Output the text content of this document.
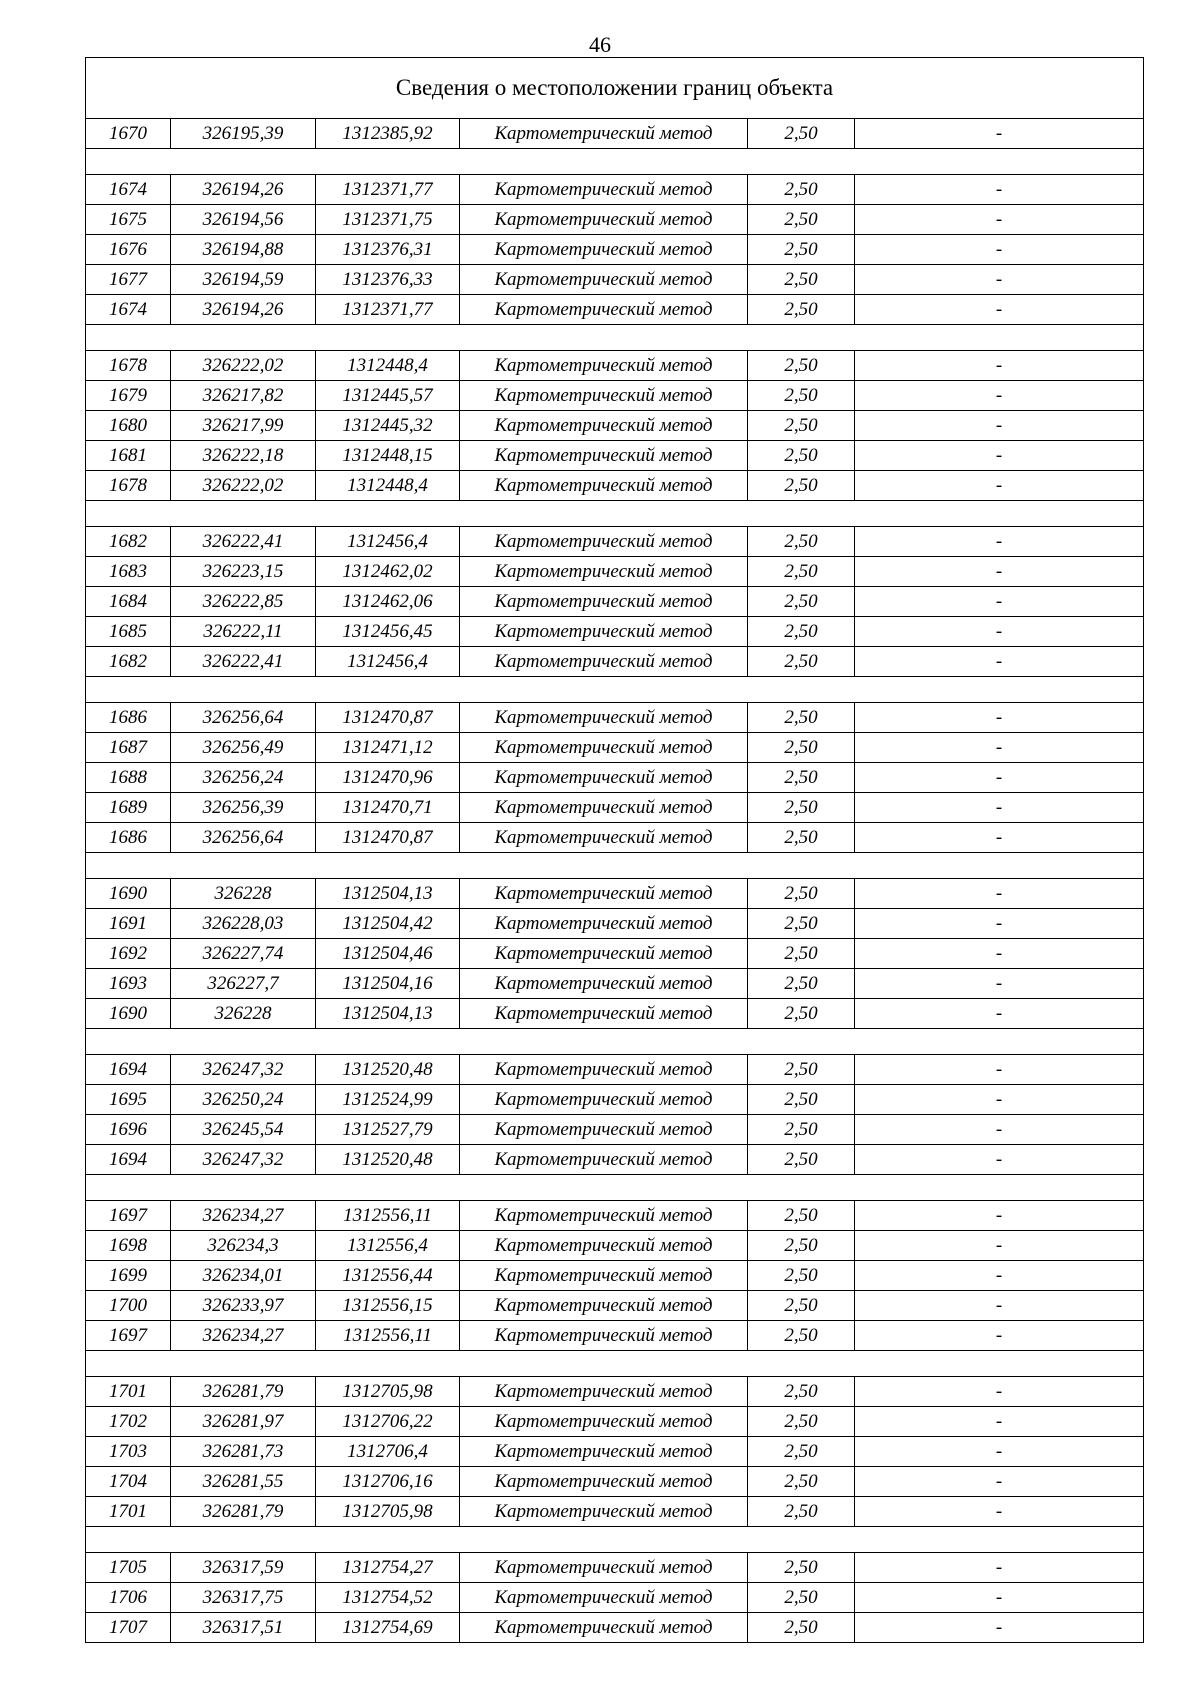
46
Сведения о местоположении границ объекта
1670	326195,39	1312385,92	Картометрический метод	2,50	-
1674	326194,26	1312371,77	Картометрический метод	2,50	-
1675	326194,56	1312371,75	Картометрический метод	2,50	-
1676	326194,88	1312376,31	Картометрический метод	2,50	-
1677	326194,59	1312376,33	Картометрический метод	2,50	-
1674	326194,26	1312371,77	Картометрический метод	2,50	-
1678	326222,02	1312448,4	Картометрический метод	2,50	-
1679	326217,82	1312445,57	Картометрический метод	2,50	-
1680	326217,99	1312445,32	Картометрический метод	2,50	-
1681	326222,18	1312448,15	Картометрический метод	2,50	-
1678	326222,02	1312448,4	Картометрический метод	2,50	-
1682	326222,41	1312456,4	Картометрический метод	2,50	-
1683	326223,15	1312462,02	Картометрический метод	2,50	-
1684	326222,85	1312462,06	Картометрический метод	2,50	-
1685	326222,11	1312456,45	Картометрический метод	2,50	-
1682	326222,41	1312456,4	Картометрический метод	2,50	-
1686	326256,64	1312470,87	Картометрический метод	2,50	-
1687	326256,49	1312471,12	Картометрический метод	2,50	-
1688	326256,24	1312470,96	Картометрический метод	2,50	-
1689	326256,39	1312470,71	Картометрический метод	2,50	-
1686	326256,64	1312470,87	Картометрический метод	2,50	-
1690	326228	1312504,13	Картометрический метод	2,50	-
1691	326228,03	1312504,42	Картометрический метод	2,50	-
1692	326227,74	1312504,46	Картометрический метод	2,50	-
1693	326227,7	1312504,16	Картометрический метод	2,50	-
1690	326228	1312504,13	Картометрический метод	2,50	-
1694	326247,32	1312520,48	Картометрический метод	2,50	-
1695	326250,24	1312524,99	Картометрический метод	2,50	-
1696	326245,54	1312527,79	Картометрический метод	2,50	-
1694	326247,32	1312520,48	Картометрический метод	2,50	-
1697	326234,27	1312556,11	Картометрический метод	2,50	-
1698	326234,3	1312556,4	Картометрический метод	2,50	-
1699	326234,01	1312556,44	Картометрический метод	2,50	-
1700	326233,97	1312556,15	Картометрический метод	2,50	-
1697	326234,27	1312556,11	Картометрический метод	2,50	-
1701	326281,79	1312705,98	Картометрический метод	2,50	-
1702	326281,97	1312706,22	Картометрический метод	2,50	-
1703	326281,73	1312706,4	Картометрический метод	2,50	-
1704	326281,55	1312706,16	Картометрический метод	2,50	-
1701	326281,79	1312705,98	Картометрический метод	2,50	-
1705	326317,59	1312754,27	Картометрический метод	2,50	-
1706	326317,75	1312754,52	Картометрический метод	2,50	-
1707	326317,51	1312754,69	Картометрический метод	2,50	-
